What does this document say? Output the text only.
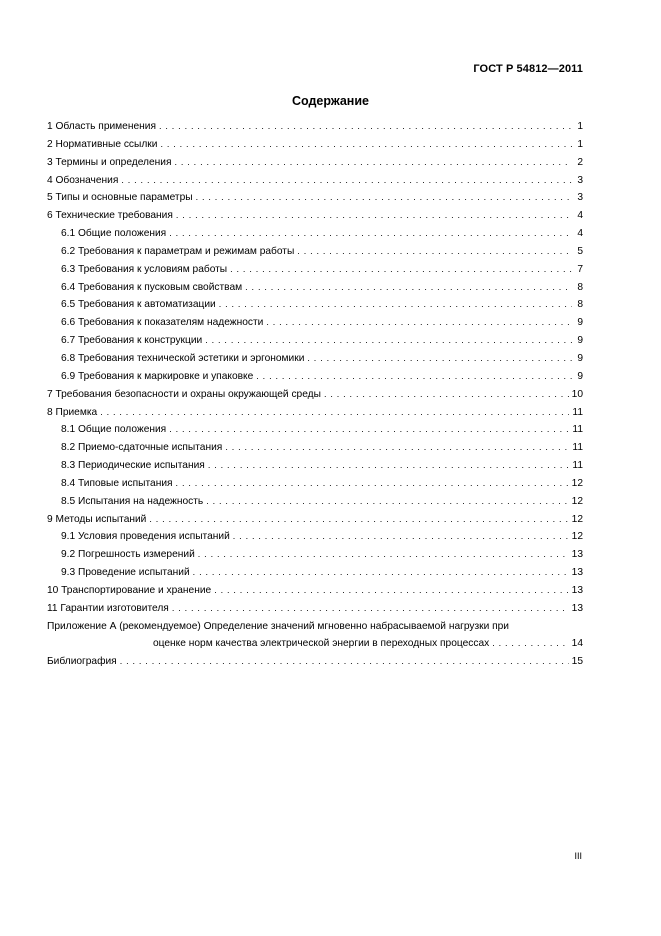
ГОСТ Р 54812—2011
Содержание
1 Область применения . . .	1
2 Нормативные ссылки . . .	1
3 Термины и определения . . .	2
4 Обозначения . . .	3
5 Типы и основные параметры . . .	3
6 Технические требования . . .	4
6.1 Общие положения . . .	4
6.2 Требования к параметрам и режимам работы . . .	5
6.3 Требования к условиям работы . . .	7
6.4 Требования к пусковым свойствам . . .	8
6.5 Требования к автоматизации . . .	8
6.6 Требования к показателям надежности . . .	9
6.7 Требования к конструкции . . .	9
6.8 Требования технической эстетики и эргономики . . .	9
6.9 Требования к маркировке и упаковке . . .	9
7 Требования безопасности и охраны окружающей среды . . .	10
8 Приемка . . .	11
8.1 Общие положения . . .	11
8.2 Приемо-сдаточные испытания . . .	11
8.3 Периодические испытания . . .	11
8.4 Типовые испытания . . .	12
8.5 Испытания на надежность . . .	12
9 Методы испытаний . . .	12
9.1 Условия проведения испытаний . . .	12
9.2 Погрешность измерений . . .	13
9.3 Проведение испытаний . . .	13
10 Транспортирование и хранение . . .	13
11 Гарантии изготовителя . . .	13
Приложение А (рекомендуемое) Определение значений мгновенно набрасываемой нагрузки при
оценке норм качества электрической энергии в переходных процессах . . .	14
Библиография . . .	15
III
